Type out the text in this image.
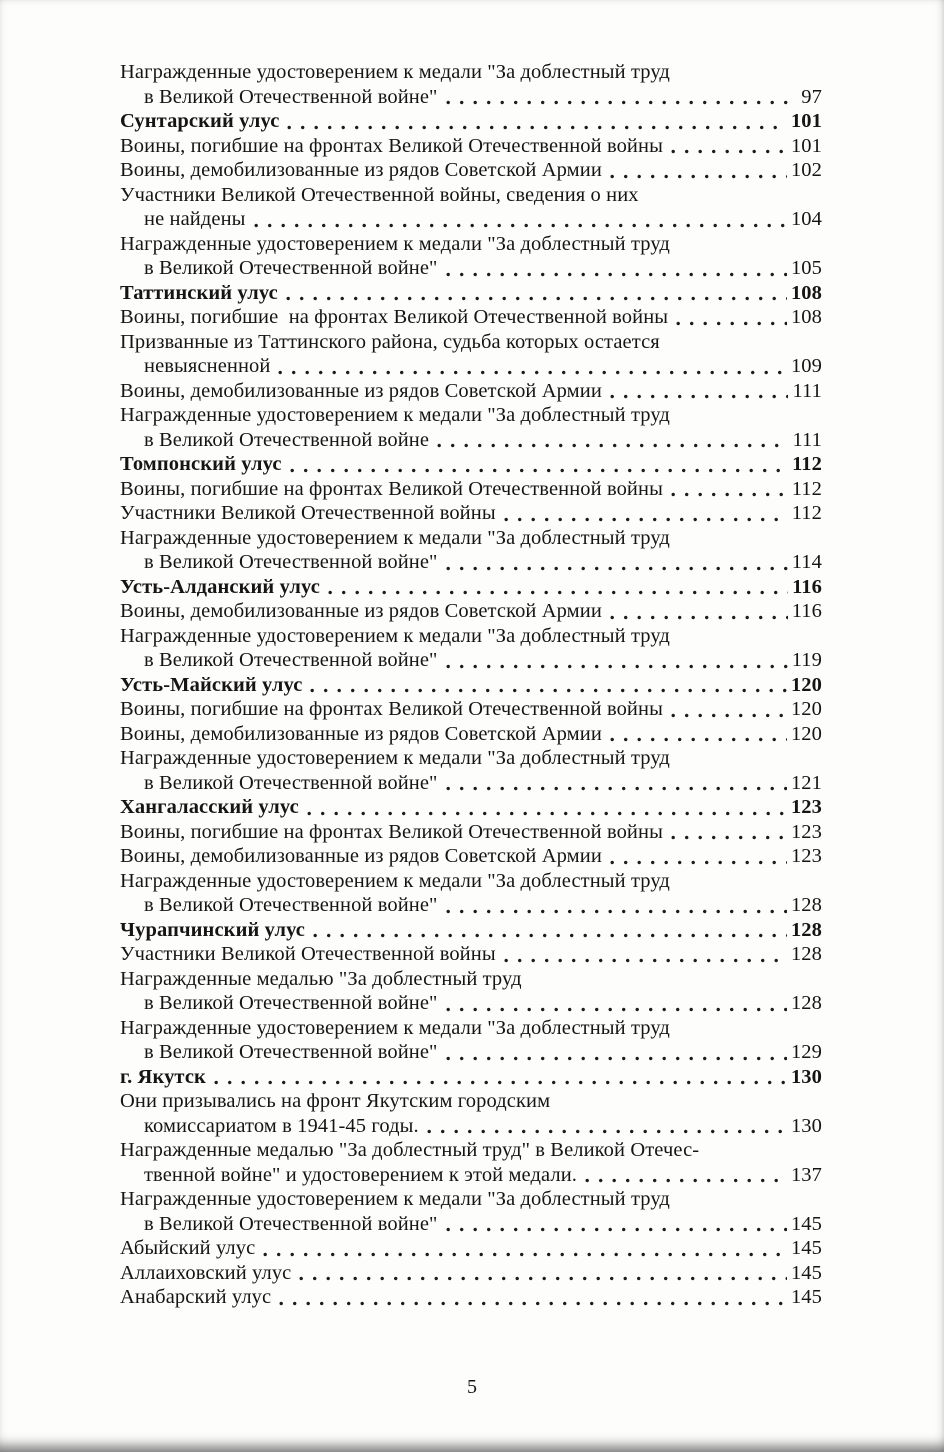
Награжденные удостоверением к медали "За доблестный труд
в Великой Отечественной войне"	97
Сунтарский улус	101
Воины, погибшие на фронтах Великой Отечественной войны	101
Воины, демобилизованные из рядов Советской Армии	102
Участники Великой Отечественной войны, сведения о них
не найдены	104
Награжденные удостоверением к медали "За доблестный труд
в Великой Отечественной войне"	105
Таттинский улус	108
Воины, погибшие  на фронтах Великой Отечественной войны	108
Призванные из Таттинского района, судьба которых остается
невыясненной	109
Воины, демобилизованные из рядов Советской Армии	111
Награжденные удостоверением к медали "За доблестный труд
в Великой Отечественной войне	111
Томпонский улус	112
Воины, погибшие на фронтах Великой Отечественной войны	112
Участники Великой Отечественной войны	112
Награжденные удостоверением к медали "За доблестный труд
в Великой Отечественной войне"	114
Усть-Алданский улус	116
Воины, демобилизованные из рядов Советской Армии	116
Награжденные удостоверением к медали "За доблестный труд
в Великой Отечественной войне"	119
Усть-Майский улус	120
Воины, погибшие на фронтах Великой Отечественной войны	120
Воины, демобилизованные из рядов Советской Армии	120
Награжденные удостоверением к медали "За доблестный труд
в Великой Отечественной войне"	121
Хангаласский улус	123
Воины, погибшие на фронтах Великой Отечественной войны	123
Воины, демобилизованные из рядов Советской Армии	123
Награжденные удостоверением к медали "За доблестный труд
в Великой Отечественной войне"	128
Чурапчинский улус	128
Участники Великой Отечественной войны	128
Награжденные медалью "За доблестный труд
в Великой Отечественной войне"	128
Награжденные удостоверением к медали "За доблестный труд
в Великой Отечественной войне"	129
г. Якутск	130
Они призывались на фронт Якутским городским
комиссариатом в 1941-45 годы.	130
Награжденные медалью "За доблестный труд" в Великой Отечес-
твенной войне" и удостоверением к этой медали.	137
Награжденные удостоверением к медали "За доблестный труд
в Великой Отечественной войне"	145
Абыйский улус	145
Аллаиховский улус	145
Анабарский улус	145
5
